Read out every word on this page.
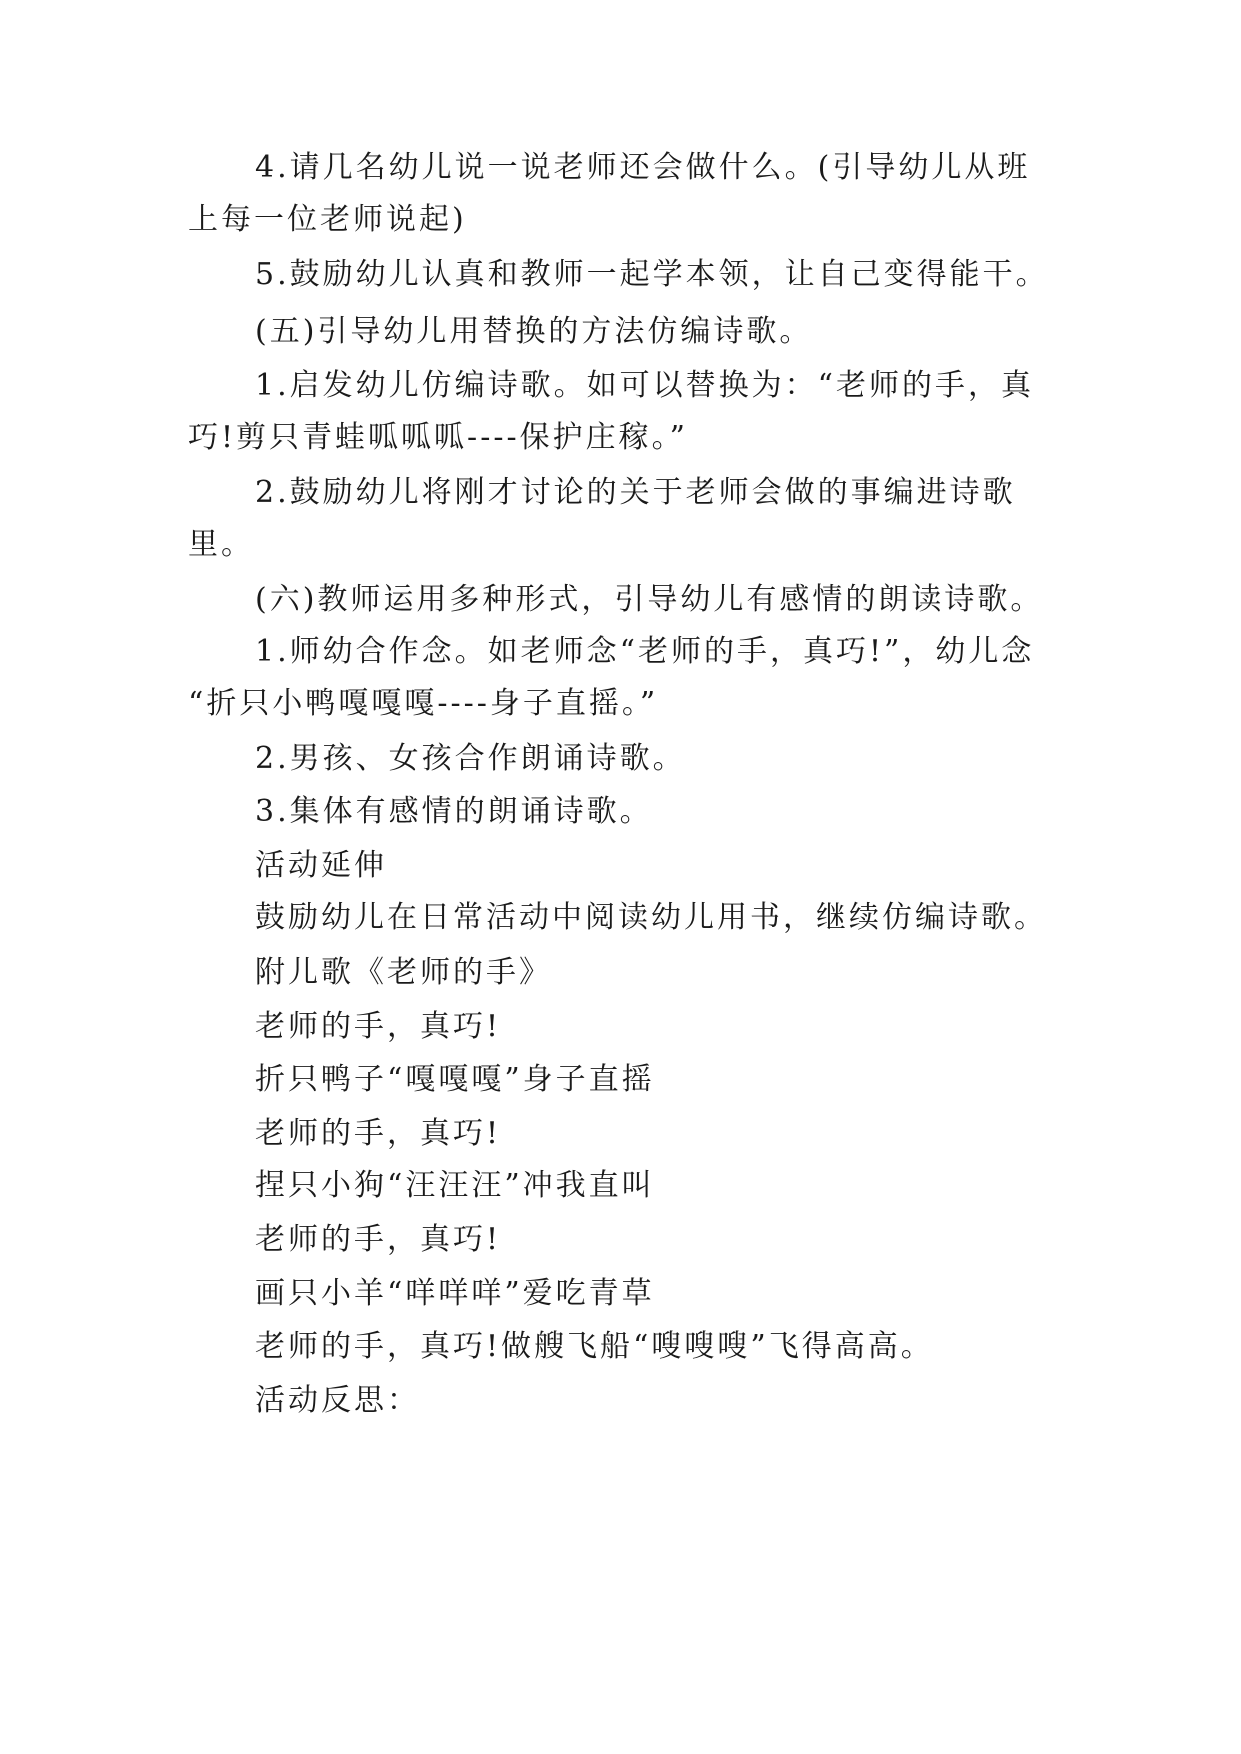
4.请几名幼儿说一说老师还会做什么。(引导幼儿从班
上每一位老师说起)
5.鼓励幼儿认真和教师一起学本领，让自己变得能干。
(五)引导幼儿用替换的方法仿编诗歌。
1.启发幼儿仿编诗歌。如可以替换为：“老师的手，真
巧!剪只青蛙呱呱呱----保护庄稼。”
2.鼓励幼儿将刚才讨论的关于老师会做的事编进诗歌
里。
(六)教师运用多种形式，引导幼儿有感情的朗读诗歌。
1.师幼合作念。如老师念“老师的手，真巧!”，幼儿念
“折只小鸭嘎嘎嘎----身子直摇。”
2.男孩、女孩合作朗诵诗歌。
3.集体有感情的朗诵诗歌。
活动延伸
鼓励幼儿在日常活动中阅读幼儿用书，继续仿编诗歌。
附儿歌《老师的手》
老师的手，真巧!
折只鸭子“嘎嘎嘎”身子直摇
老师的手，真巧!
捏只小狗“汪汪汪”冲我直叫
老师的手，真巧!
画只小羊“咩咩咩”爱吃青草
老师的手，真巧!做艘飞船“嗖嗖嗖”飞得高高。
活动反思：
